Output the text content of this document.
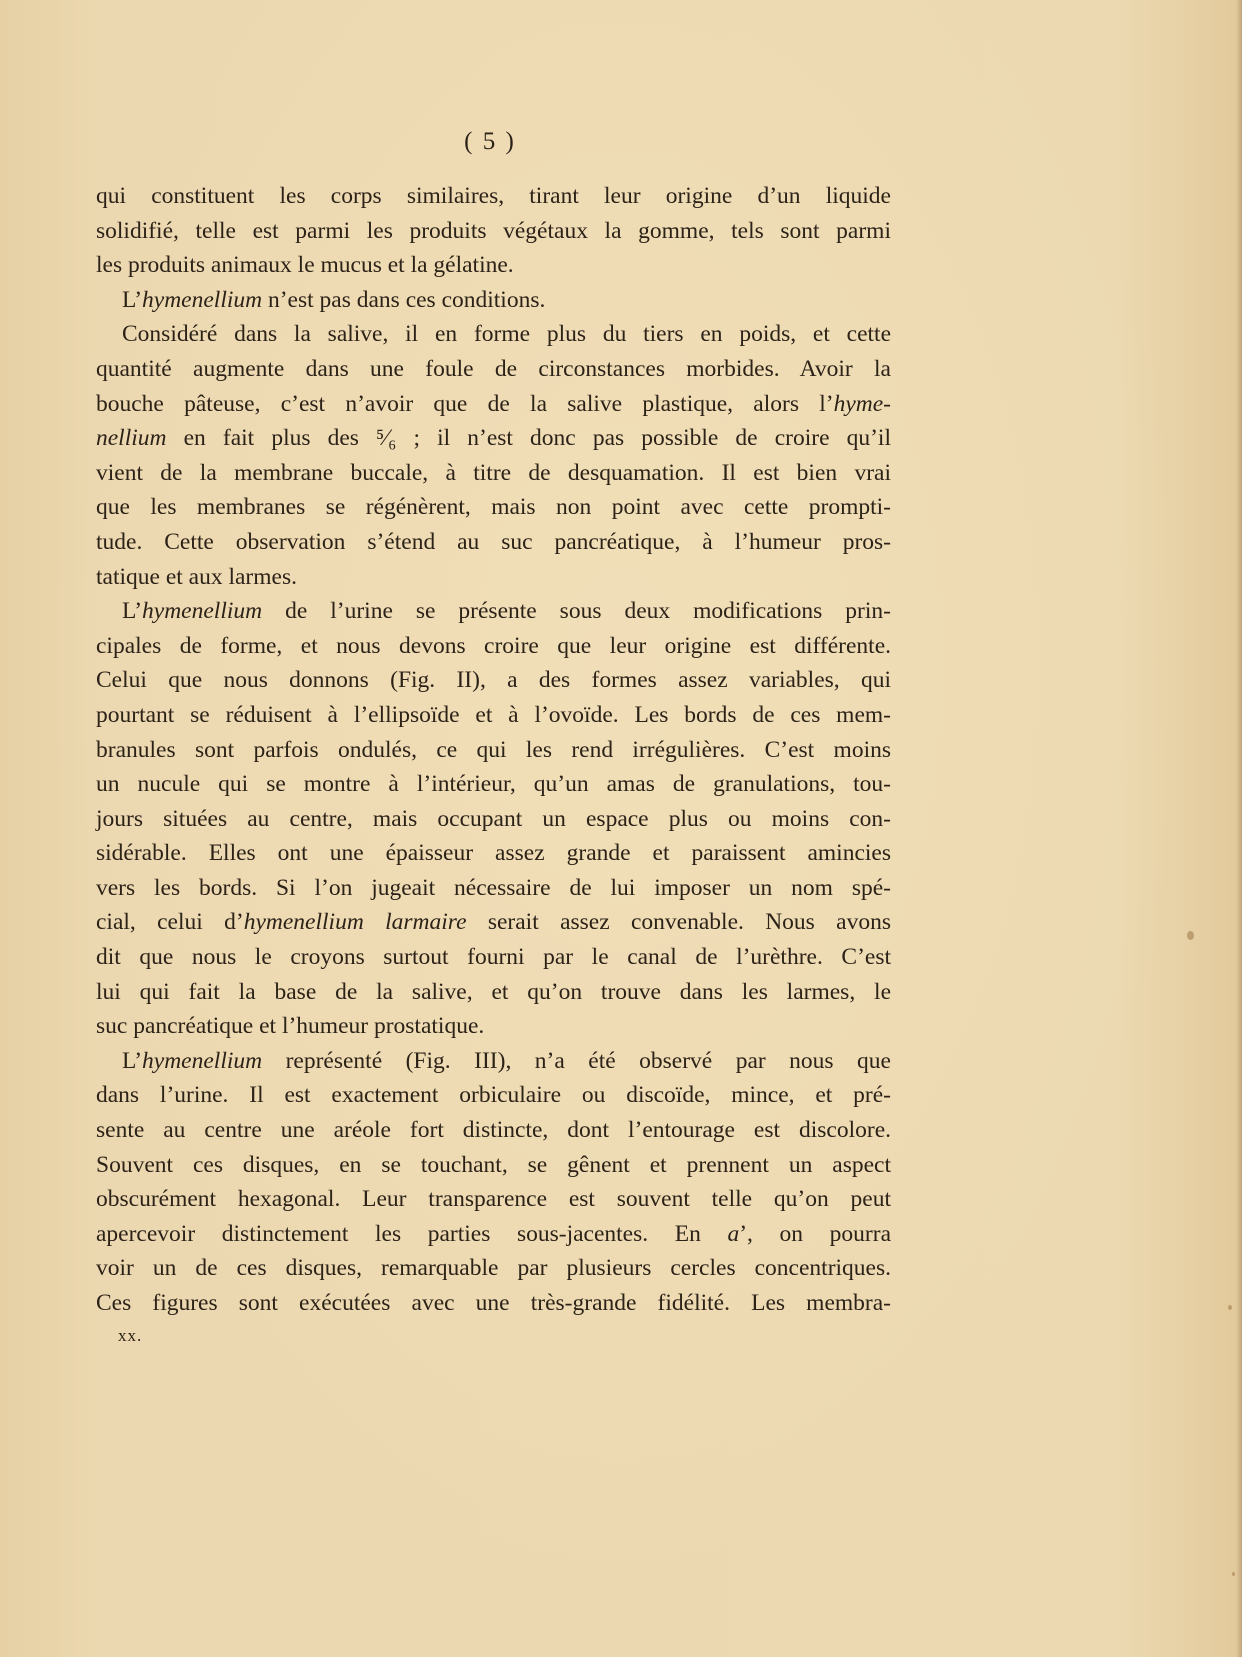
( 5 )
qui constituent les corps similaires, tirant leur origine d’un liquide
solidifié, telle est parmi les produits végétaux la gomme, tels sont parmi
les produits animaux le mucus et la gélatine.
L’hymenellium n’est pas dans ces conditions.
Considéré dans la salive, il en forme plus du tiers en poids, et cette
quantité augmente dans une foule de circonstances morbides. Avoir la
bouche pâteuse, c’est n’avoir que de la salive plastique, alors l’hyme-
nellium en fait plus des ⁵⁄₆ ; il n’est donc pas possible de croire qu’il
vient de la membrane buccale, à titre de desquamation. Il est bien vrai
que les membranes se régénèrent, mais non point avec cette prompti-
tude. Cette observation s’étend au suc pancréatique, à l’humeur pros-
tatique et aux larmes.
L’hymenellium de l’urine se présente sous deux modifications prin-
cipales de forme, et nous devons croire que leur origine est différente.
Celui que nous donnons (Fig. II), a des formes assez variables, qui
pourtant se réduisent à l’ellipsoïde et à l’ovoïde. Les bords de ces mem-
branules sont parfois ondulés, ce qui les rend irrégulières. C’est moins
un nucule qui se montre à l’intérieur, qu’un amas de granulations, tou-
jours situées au centre, mais occupant un espace plus ou moins con-
sidérable. Elles ont une épaisseur assez grande et paraissent amincies
vers les bords. Si l’on jugeait nécessaire de lui imposer un nom spé-
cial, celui d’hymenellium larmaire serait assez convenable. Nous avons
dit que nous le croyons surtout fourni par le canal de l’urèthre. C’est
lui qui fait la base de la salive, et qu’on trouve dans les larmes, le
suc pancréatique et l’humeur prostatique.
L’hymenellium représenté (Fig. III), n’a été observé par nous que
dans l’urine. Il est exactement orbiculaire ou discoïde, mince, et pré-
sente au centre une aréole fort distincte, dont l’entourage est discolore.
Souvent ces disques, en se touchant, se gênent et prennent un aspect
obscurément hexagonal. Leur transparence est souvent telle qu’on peut
apercevoir distinctement les parties sous-jacentes. En a’, on pourra
voir un de ces disques, remarquable par plusieurs cercles concentriques.
Ces figures sont exécutées avec une très-grande fidélité. Les membra-
xx.
